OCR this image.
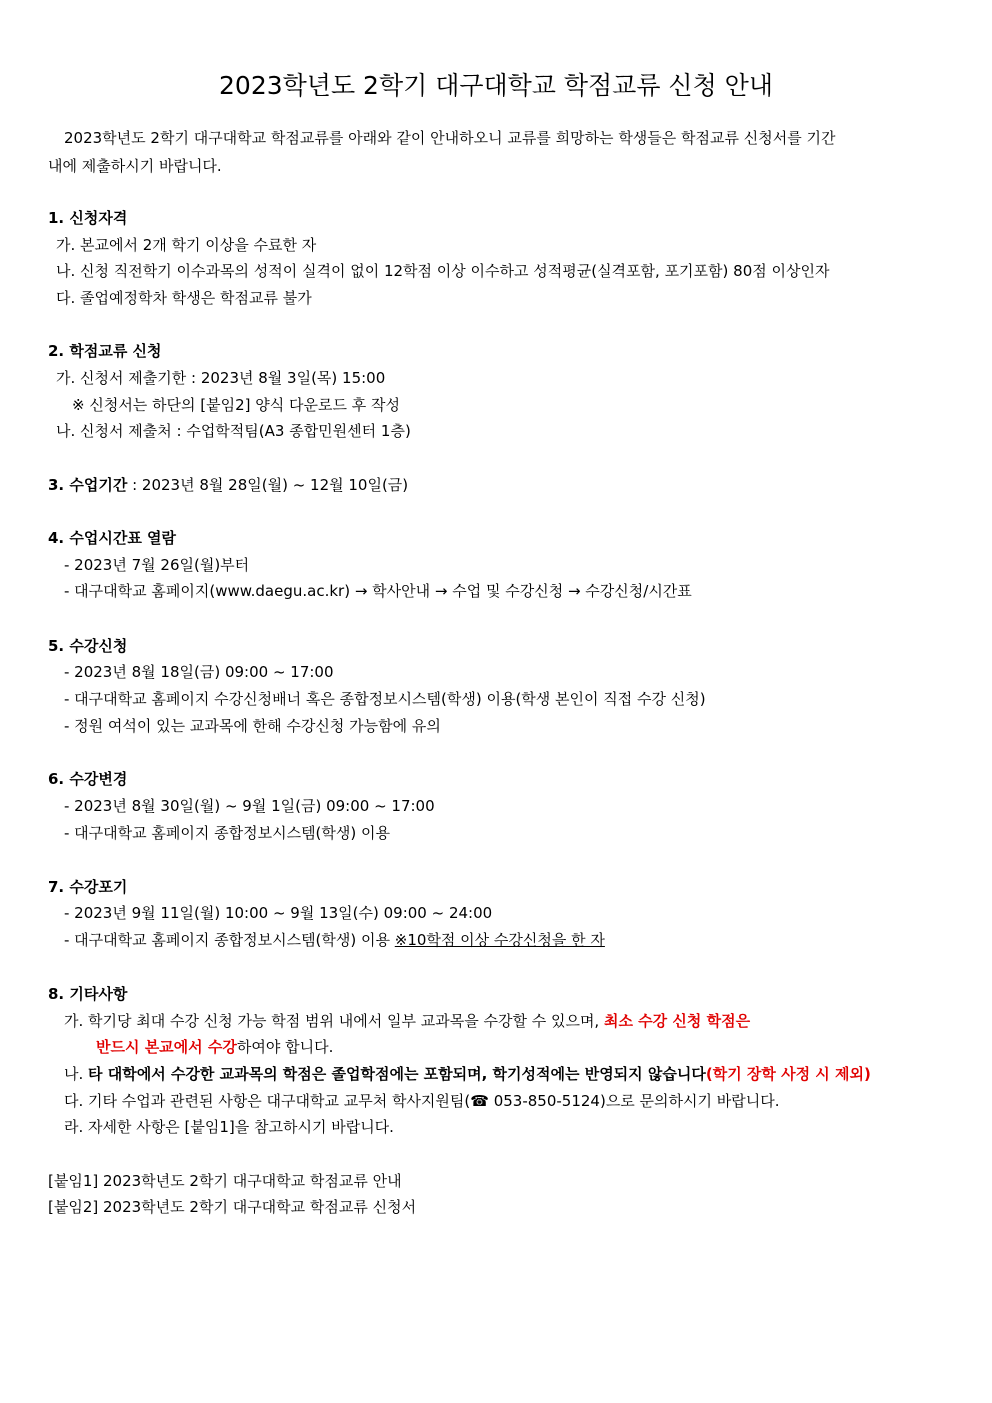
2023학년도 2학기 대구대학교 학점교류 신청 안내
2023학년도 2학기 대구대학교 학점교류를 아래와 같이 안내하오니 교류를 희망하는 학생들은 학점교류 신청서를 기간
내에 제출하시기 바랍니다.
1. 신청자격
가. 본교에서 2개 학기 이상을 수료한 자
나. 신청 직전학기 이수과목의 성적이 실격이 없이 12학점 이상 이수하고 성적평균(실격포함, 포기포함) 80점 이상인자
다. 졸업예정학차 학생은 학점교류 불가
2. 학점교류 신청
가. 신청서 제출기한 : 2023년 8월 3일(목) 15:00
※ 신청서는 하단의 [붙임2] 양식 다운로드 후 작성
나. 신청서 제출처 : 수업학적팀(A3 종합민원센터 1층)
3. 수업기간 : 2023년 8월 28일(월) ~ 12월 10일(금)
4. 수업시간표 열람
- 2023년 7월 26일(월)부터
- 대구대학교 홈페이지(www.daegu.ac.kr) → 학사안내 → 수업 및 수강신청 → 수강신청/시간표
5. 수강신청
- 2023년 8월 18일(금) 09:00 ~ 17:00
- 대구대학교 홈페이지 수강신청배너 혹은 종합정보시스템(학생) 이용(학생 본인이 직접 수강 신청)
- 정원 여석이 있는 교과목에 한해 수강신청 가능함에 유의
6. 수강변경
- 2023년 8월 30일(월) ~ 9월 1일(금) 09:00 ~ 17:00
- 대구대학교 홈페이지 종합정보시스템(학생) 이용
7. 수강포기
- 2023년 9월 11일(월) 10:00 ~ 9월 13일(수) 09:00 ~ 24:00
- 대구대학교 홈페이지 종합정보시스템(학생) 이용 ※10학점 이상 수강신청을 한 자
8. 기타사항
가. 학기당 최대 수강 신청 가능 학점 범위 내에서 일부 교과목을 수강할 수 있으며, 최소 수강 신청 학점은
반드시 본교에서 수강하여야 합니다.
나. 타 대학에서 수강한 교과목의 학점은 졸업학점에는 포함되며, 학기성적에는 반영되지 않습니다(학기 장학 사정 시 제외)
다. 기타 수업과 관련된 사항은 대구대학교 교무처 학사지원팀(☎ 053-850-5124)으로 문의하시기 바랍니다.
라. 자세한 사항은 [붙임1]을 참고하시기 바랍니다.
[붙임1] 2023학년도 2학기 대구대학교 학점교류 안내
[붙임2] 2023학년도 2학기 대구대학교 학점교류 신청서
